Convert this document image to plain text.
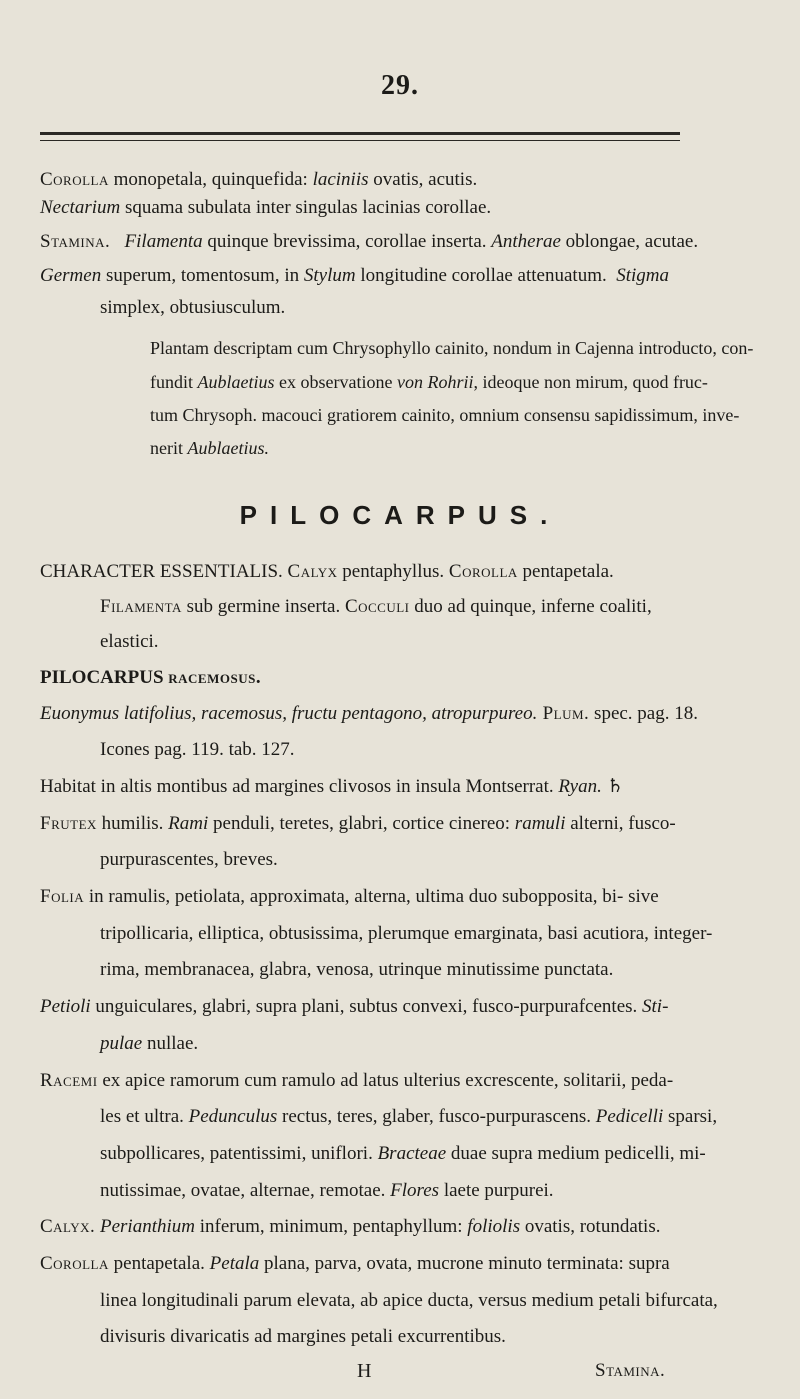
29.
Corolla monopetala, quinquefida: laciniis ovatis, acutis.
Nectarium squama subulata inter singulas lacinias corollae.
Stamina. Filamenta quinque brevissima, corollae inserta. Antherae oblongae, acutae.
Germen superum, tomentosum, in Stylum longitudine corollae attenuatum.  Stigma
simplex, obtusiusculum.
Plantam descriptam cum Chrysophyllo cainito, nondum in Cajenna introducto, con-
fundit Aublaetius ex observatione von Rohrii, ideoque non mirum, quod fruc-
tum Chrysoph. macouci gratiorem cainito, omnium consensu sapidissimum, inve-
nerit Aublaetius.
PILOCARPUS.
CHARACTER ESSENTIALIS. Calyx pentaphyllus. Corolla pentapetala.
Filamenta sub germine inserta. Cocculi duo ad quinque, inferne coaliti,
elastici.
PILOCARPUS racemosus.
Euonymus latifolius, racemosus, fructu pentagono, atropurpureo. Plum. spec. pag. 18.
Icones pag. 119. tab. 127.
Habitat in altis montibus ad margines clivosos in insula Montserrat. Ryan. ♄
Frutex humilis. Rami penduli, teretes, glabri, cortice cinereo: ramuli alterni, fusco-
purpurascentes, breves.
Folia in ramulis, petiolata, approximata, alterna, ultima duo subopposita, bi- sive
tripollicaria, elliptica, obtusissima, plerumque emarginata, basi acutiora, integer-
rima, membranacea, glabra, venosa, utrinque minutissime punctata.
Petioli unguiculares, glabri, supra plani, subtus convexi, fusco-purpurafcentes. Sti-
pulae nullae.
Racemi ex apice ramorum cum ramulo ad latus ulterius excrescente, solitarii, peda-
les et ultra. Pedunculus rectus, teres, glaber, fusco-purpurascens. Pedicelli sparsi,
subpollicares, patentissimi, uniflori. Bracteae duae supra medium pedicelli, mi-
nutissimae, ovatae, alternae, remotae. Flores laete purpurei.
Calyx. Perianthium inferum, minimum, pentaphyllum: foliolis ovatis, rotundatis.
Corolla pentapetala. Petala plana, parva, ovata, mucrone minuto terminata: supra
linea longitudinali parum elevata, ab apice ducta, versus medium petali bifurcata,
divisuris divaricatis ad margines petali excurrentibus.
H	Stamina.
